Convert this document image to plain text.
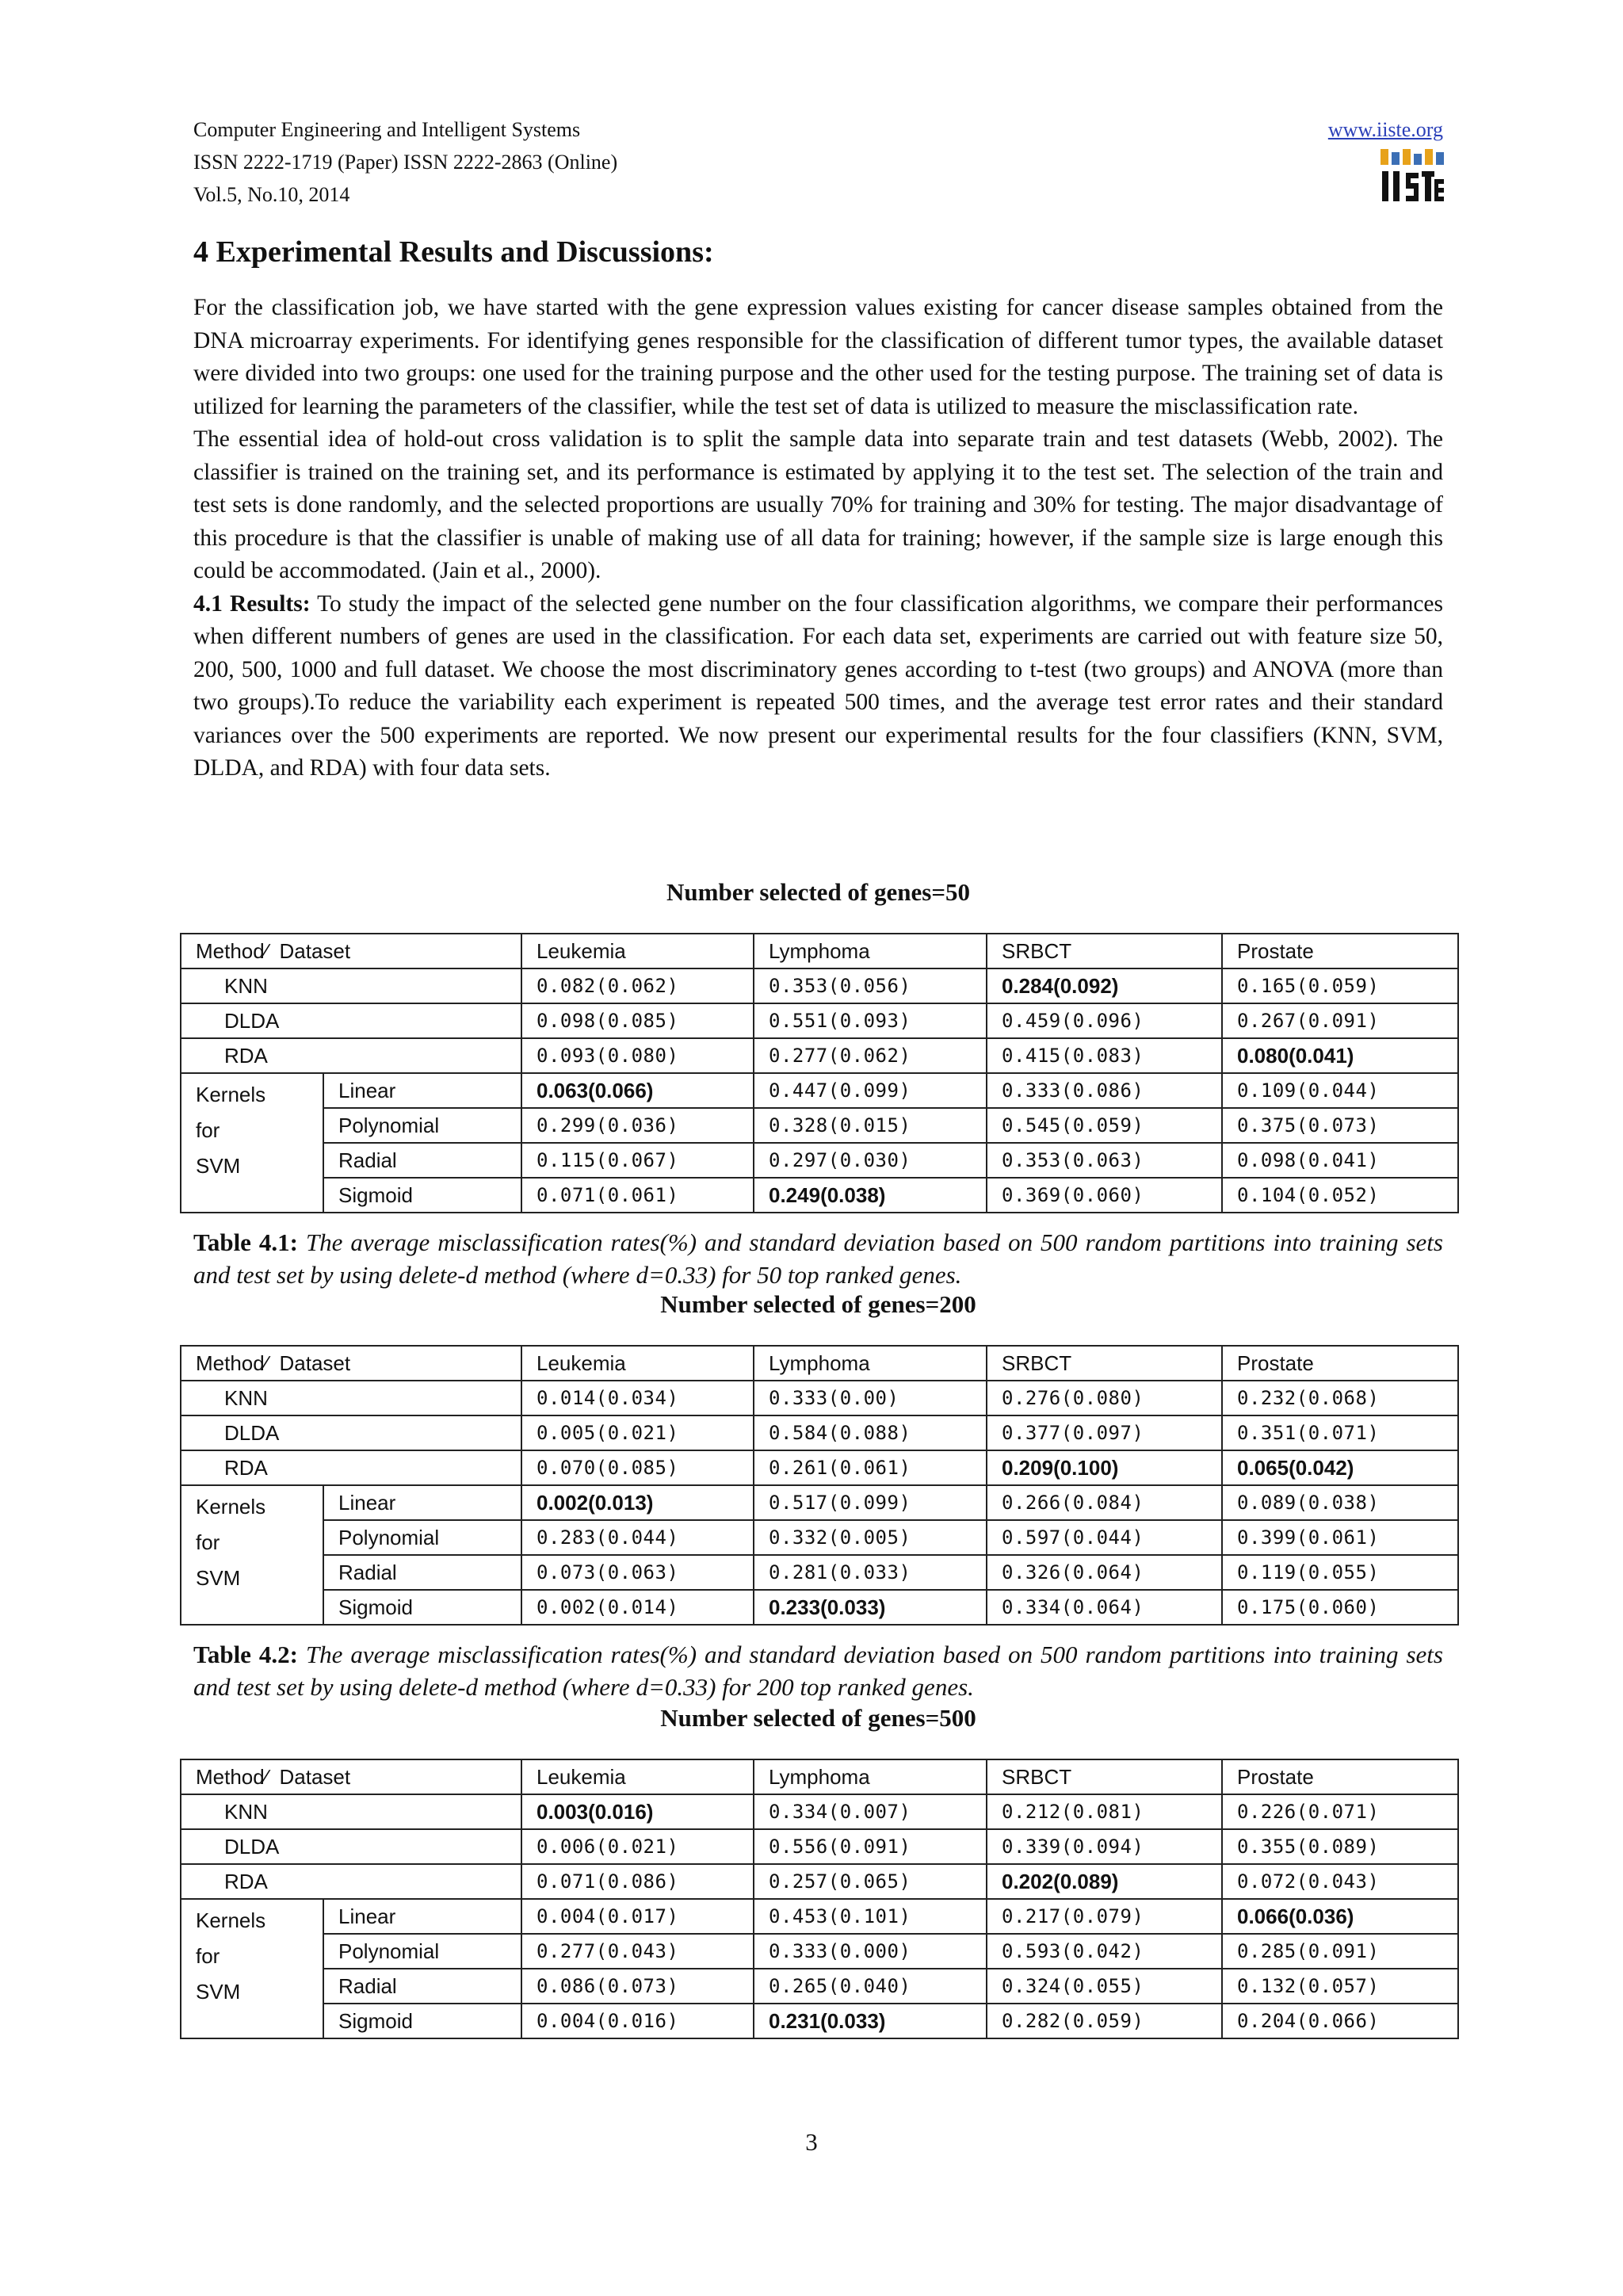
Computer Engineering and Intelligent Systems
ISSN 2222-1719 (Paper) ISSN 2222-2863 (Online)
Vol.5, No.10, 2014
www.iiste.org
4 Experimental Results and Discussions:

For the classification job, we have started with the gene expression values existing for cancer disease samples obtained from the DNA microarray experiments. For identifying genes responsible for the classification of different tumor types, the available dataset were divided into two groups: one used for the training purpose and the other used for the testing purpose. The training set of data is utilized for learning the parameters of the classifier, while the test set of data is utilized to measure the misclassification rate.

The essential idea of hold-out cross validation is to split the sample data into separate train and test datasets (Webb, 2002). The classifier is trained on the training set, and its performance is estimated by applying it to the test set. The selection of the train and test sets is done randomly, and the selected proportions are usually 70% for training and 30% for testing. The major disadvantage of this procedure is that the classifier is unable of making use of all data for training; however, if the sample size is large enough this could be accommodated. (Jain et al., 2000).

4.1 Results: To study the impact of the selected gene number on the four classification algorithms, we compare their performances when different numbers of genes are used in the classification. For each data set, experiments are carried out with feature size 50, 200, 500, 1000 and full dataset. We choose the most discriminatory genes according to t-test (two groups) and ANOVA (more than two groups).To reduce the variability each experiment is repeated 500 times, and the average test error rates and their standard variances over the 500 experiments are reported. We now present our experimental results for the four classifiers (KNN, SVM, DLDA, and RDA) with four data sets.

Number selected of genes=50
Method∕  Dataset		Leukemia	Lymphoma	SRBCT	Prostate
KNN		0.082(0.062)	0.353(0.056)	0.284(0.092)	0.165(0.059)
DLDA		0.098(0.085)	0.551(0.093)	0.459(0.096)	0.267(0.091)
RDA		0.093(0.080)	0.277(0.062)	0.415(0.083)	0.080(0.041)

Kernels
for
SVM	Linear	0.063(0.066)	0.447(0.099)	0.333(0.086)	0.109(0.044)
	Polynomial	0.299(0.036)	0.328(0.015)	0.545(0.059)	0.375(0.073)
	Radial	0.115(0.067)	0.297(0.030)	0.353(0.063)	0.098(0.041)
	Sigmoid	0.071(0.061)	0.249(0.038)	0.369(0.060)	0.104(0.052)
Table 4.1: The average misclassification rates(%) and standard deviation based on 500 random partitions into training sets and test set by using delete-d method (where d=0.33) for 50 top ranked genes.
Number selected of genes=200
Method∕  Dataset		Leukemia	Lymphoma	SRBCT	Prostate
KNN		0.014(0.034)	0.333(0.00)	0.276(0.080)	0.232(0.068)
DLDA		0.005(0.021)	0.584(0.088)	0.377(0.097)	0.351(0.071)
RDA		0.070(0.085)	0.261(0.061)	0.209(0.100)	0.065(0.042)

Kernels
for
SVM	Linear	0.002(0.013)	0.517(0.099)	0.266(0.084)	0.089(0.038)
	Polynomial	0.283(0.044)	0.332(0.005)	0.597(0.044)	0.399(0.061)
	Radial	0.073(0.063)	0.281(0.033)	0.326(0.064)	0.119(0.055)
	Sigmoid	0.002(0.014)	0.233(0.033)	0.334(0.064)	0.175(0.060)
Table 4.2: The average misclassification rates(%) and standard deviation based on 500 random partitions into training sets and test set by using delete-d method (where d=0.33) for 200 top ranked genes.
Number selected of genes=500
Method∕  Dataset		Leukemia	Lymphoma	SRBCT	Prostate
KNN		0.003(0.016)	0.334(0.007)	0.212(0.081)	0.226(0.071)
DLDA		0.006(0.021)	0.556(0.091)	0.339(0.094)	0.355(0.089)
RDA		0.071(0.086)	0.257(0.065)	0.202(0.089)	0.072(0.043)

Kernels
for
SVM	Linear	0.004(0.017)	0.453(0.101)	0.217(0.079)	0.066(0.036)
	Polynomial	0.277(0.043)	0.333(0.000)	0.593(0.042)	0.285(0.091)
	Radial	0.086(0.073)	0.265(0.040)	0.324(0.055)	0.132(0.057)
	Sigmoid	0.004(0.016)	0.231(0.033)	0.282(0.059)	0.204(0.066)
3
